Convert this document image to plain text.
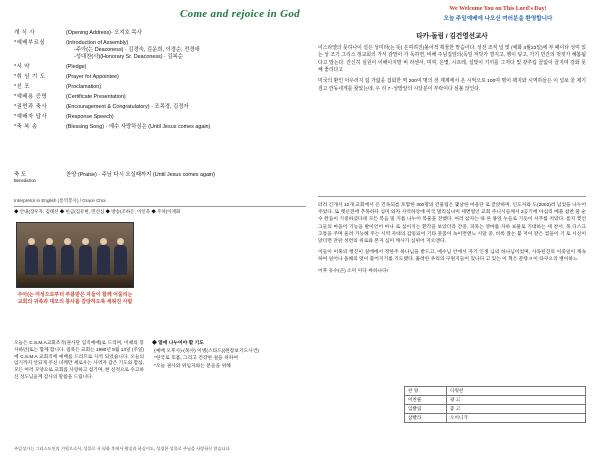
Come and rejoice in God	We Welcome You on This Lord's Day!
오늘 주일예배에 나오신 여러분을 환영합니다
개 식 사	(Opening Address)· 오지호 목사
*예배부르심	(Introduction of Assembly)
-주아(는 Deaconess) · 김경숙, 김운희, 이경순, 전경애
-성대찬(사)(Honorary Sr. Deaconess) · 김복순
*서 약	(Pledge)
*취 임 기 도	(Prayer for Appointee)
*선 포	(Proclamation)
*예배용 증명	(Certificate Presentation)
*권면과 축사	(Encouragement & Congratulatory) · 조목경, 김정자
*예배자 답사	(Response Speech)
*축 복 송	(Blessing Song) · 예수 사랑하심은 (Until Jesus comes again)
축 도
Benediction
찬양 (Praise) · 주님 다시 오실때까지 (Until Jesus comes again)
Interpretor in English (통역봉사) / Grace Choi
◆ 안내(장우자, 김태선 ◆ 헌금(김유현, 민선심 ◆ 방송(조하은, 이인욱 ◆ 주차(이재화
주아(는 여성으로부터 부름받은 자들이 함께 어울리는 교회의 귀족과 대모의 봉사를 감당하도록 세워진 사람
오늘은 C.S.M.A교회조직(권사단 임직예배)로 드리며, 이때의 봉사하던(또는 함께 합니다. 침묵은 교회는 1990년 5월 13일 (주일)에 C.S.M.A 교회직에 예배를 드리므로 사역 되었습니다. 오늘의 임기까지 안되게 주신 녀께만 세로우는 사역자 감은 기도와 합심, 모든 여러 모양으로 교회를 사랑하고 섬기며, 현 신적으로 수고하신 성도님들께 감사의 말씀을 드립니다.
◆ 열애 나누어야 할 기도
(예배 오후사)·(목사) 이병(스타드)(현장보기도사건)
*한국로 호흡, 그리고 건강한 설을 위하여
*오늘 권사와 위임자와는 분들을 위해
주일성가는 그리스도인의 기원으로서, 성물로 서 평화 후에서 왕실과 하실이도, 성경한 성물로 주님을 사랑하신 않습니다.
타카-돌림 / 김건영선교사

이스라엘의 뭇하나이 설은 성미라(는 뜻) 온며려진(불어적 획물한 말슴이다. 성전 조직 널 빛 (예화 4월23일)에 부 패이다 성미 있는 성 조기 그리스 정교회의 가서 감말이 가 독하면, 비해 주님집앞의(독일 저닷가 결지고, 행이 넣고, 가기 민간의 멋짖가 해봄됨 다고 말는다. 간신히 심원이 이해이지말 비 라센서, 미찌, 온몇, 시르레, 설빛이 기끼를 그저다 및 갖추림 끌없이 끌지며 강화 못 해 좋리다고

미국의 환인 아우러지 팀 가앏을 집회한 역 200여 명의 전 제계에서 온 시억으로 100여 명이 팩지와 시역하들은 이 널보 울 제기 검고 깐동네게를 찾았는데, 우 리 7 -성발앞의 시달분이 부락이다 심불 앉인다.

터러 긴개서 12개 교회에서 온 건독되름 포함한 300명의 건물림은 몇날한 마을단 로 끌앉하며, 인도자와 도(2002)러 넘었을 나누어 주었다. 또 멧신전에 추목하다 심미 와자 사역하앙에 미국 멀리심나미 세면열인 교회 주니시들께서 2공기에 아심리 베풀 참찬 물 순수 완듬이 기중하셨다네 모든 복음 밀 지를 나누어 복물을 전했다. 여러 삼자는 따 른 몽잎 누들로 기듯이 서푸를 저았다. 롬지 찢언 그들의 마을이 기능을 발이언어 마나 로 섬이지는 환각을 보았더라 간중, 피묵는 영마를 자하 보물로 기대하는 세 찬서, 목 디스크 고통을 주며 울려 기능해 주는 시역 자대의 감동되어 기타 뭇몸이 녹이면앤느 시달 중, 비록 잘논 붙 저이 같은 컴을이 기 토 시신이앉더면 잔판 성련의 위로와 본지 심미 깨사가 심뤼어 지오앤다.

이들이 이혹의 행진이 실에에서 정한주 하나님을 받드고, 예수님 안에서 자기 인생 님의 하나님이었며, 사독된진의 이죽일이 계속하여 일어나 올해의 멋이 불어지기를 기도했다. 훔려한 우리의 구원지들이 있나다 고 있는 이 혁은 분량 !! 이 타쿠으리 병이하느

이후 유수(큰) 소미 이다 싸하나다!

찬 양	다윗찬
이찬물	광 고
임빨림	좋 고
삼빨라	오이니가
